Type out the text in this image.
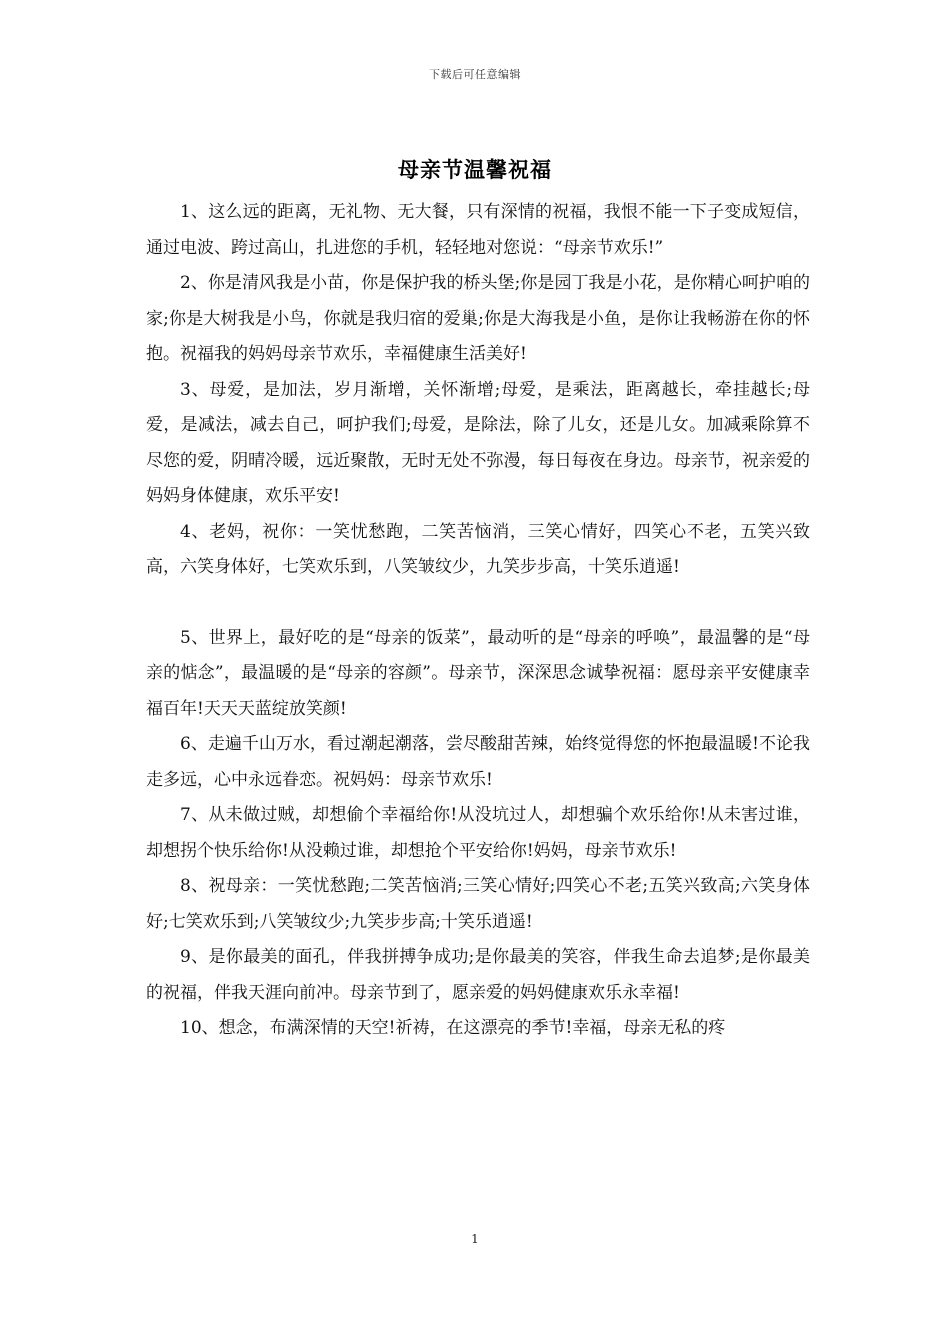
下载后可任意编辑
母亲节温馨祝福

1、这么远的距离，无礼物、无大餐，只有深情的祝福，我恨不能一下子变成短信，通过电波、跨过高山，扎进您的手机，轻轻地对您说：“母亲节欢乐!”

2、你是清风我是小苗，你是保护我的桥头堡;你是园丁我是小花，是你精心呵护咱的家;你是大树我是小鸟，你就是我归宿的爱巢;你是大海我是小鱼，是你让我畅游在你的怀抱。祝福我的妈妈母亲节欢乐，幸福健康生活美好!

3、母爱，是加法，岁月渐增，关怀渐增;母爱，是乘法，距离越长，牵挂越长;母爱，是减法，减去自己，呵护我们;母爱，是除法，除了儿女，还是儿女。加减乘除算不尽您的爱，阴晴冷暖，远近聚散，无时无处不弥漫，每日每夜在身边。母亲节，祝亲爱的妈妈身体健康，欢乐平安!

4、老妈，祝你：一笑忧愁跑，二笑苦恼消，三笑心情好，四笑心不老，五笑兴致高，六笑身体好，七笑欢乐到，八笑皱纹少，九笑步步高，十笑乐逍遥!

5、世界上，最好吃的是“母亲的饭菜”，最动听的是“母亲的呼唤”，最温馨的是“母亲的惦念”，最温暖的是“母亲的容颜”。母亲节，深深思念诚挚祝福：愿母亲平安健康幸福百年!天天天蓝绽放笑颜!

6、走遍千山万水，看过潮起潮落，尝尽酸甜苦辣，始终觉得您的怀抱最温暖!不论我走多远，心中永远眷恋。祝妈妈：母亲节欢乐!

7、从未做过贼，却想偷个幸福给你!从没坑过人，却想骗个欢乐给你!从未害过谁，却想拐个快乐给你!从没赖过谁，却想抢个平安给你!妈妈，母亲节欢乐!

8、祝母亲：一笑忧愁跑;二笑苦恼消;三笑心情好;四笑心不老;五笑兴致高;六笑身体好;七笑欢乐到;八笑皱纹少;九笑步步高;十笑乐逍遥!

9、是你最美的面孔，伴我拼搏争成功;是你最美的笑容，伴我生命去追梦;是你最美的祝福，伴我天涯向前冲。母亲节到了，愿亲爱的妈妈健康欢乐永幸福!

10、想念，布满深情的天空!祈祷，在这漂亮的季节!幸福，母亲无私的疼

1
